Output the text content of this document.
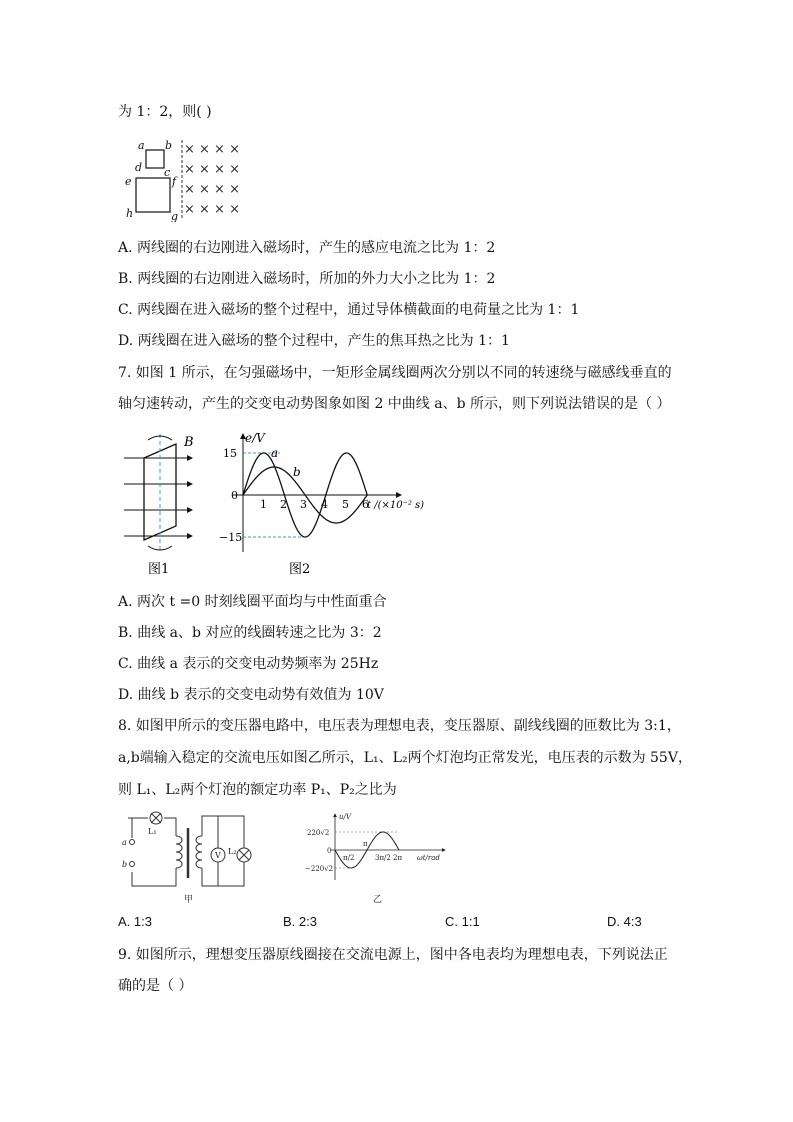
为 1：2，则( )
× × × ×
× × × ×
× × × ×
× × × ×
a b
c
d
e	f
g
h
A. 两线圈的右边刚进入磁场时，产生的感应电流之比为 1：2
B. 两线圈的右边刚进入磁场时，所加的外力大小之比为 1：2
C. 两线圈在进入磁场的整个过程中，通过导体横截面的电荷量之比为 1：1
D. 两线圈在进入磁场的整个过程中，产生的焦耳热之比为 1：1
7. 如图 1 所示，在匀强磁场中，一矩形金属线圈两次分别以不同的转速绕与磁感线垂直的
轴匀速转动，产生的交变电动势图象如图 2 中曲线 a、b 所示，则下列说法错误的是（ ）
B
图1
e/V
t /(×10⁻² s)
15
0
−15
1 2 3 4 5 6
a
b
图2
A. 两次 t =0 时刻线圈平面均与中性面重合
B. 曲线 a、b 对应的线圈转速之比为 3：2
C. 曲线 a 表示的交变电动势频率为 25Hz
D. 曲线 b 表示的交变电动势有效值为 10V
8. 如图甲所示的变压器电路中，电压表为理想电表，变压器原、副线线圈的匝数比为 3:1，
a,b端输入稳定的交流电压如图乙所示，L₁、L₂两个灯泡均正常发光，电压表的示数为 55V，
则 L₁、L₂两个灯泡的额定功率 P₁、P₂之比为
L₁
a
b
V L₂
甲
u/V
220√2
0
−220√2
π/2
π
3π/2 2π ωt/rad
乙
A. 1:3	B. 2:3	C. 1:1	D. 4:3
9. 如图所示，理想变压器原线圈接在交流电源上，图中各电表均为理想电表，下列说法正
确的是（ ）
